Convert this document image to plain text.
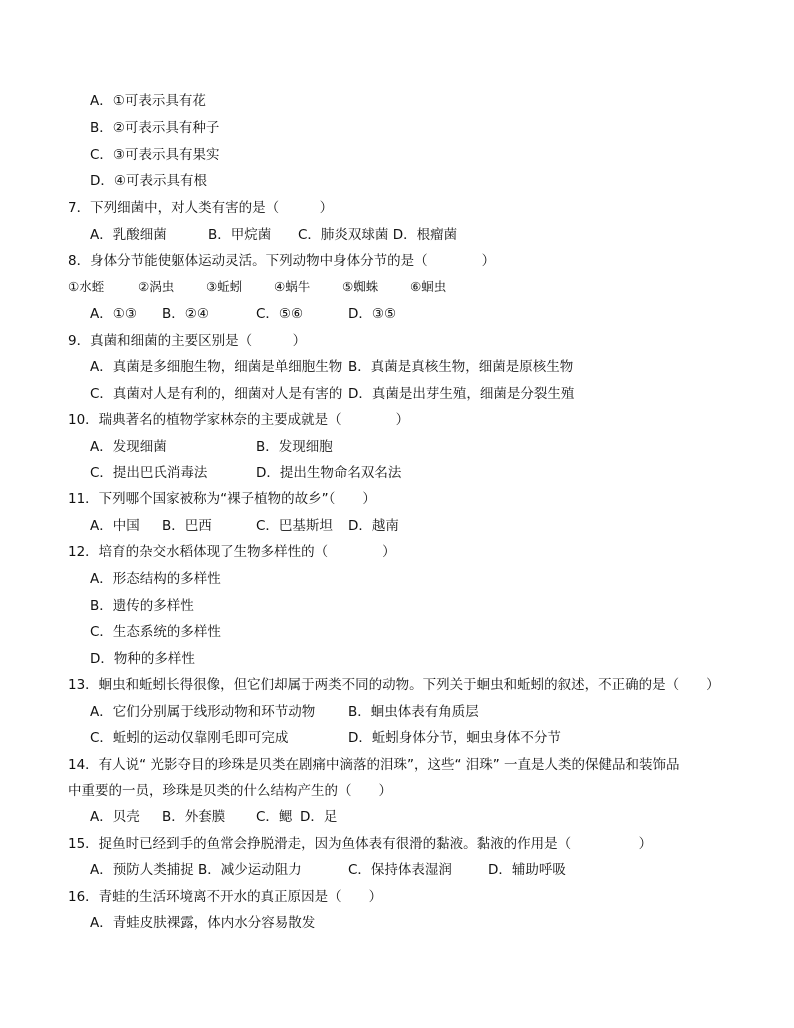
A．①可表示具有花
B．②可表示具有种子
C．③可表示具有果实
D．④可表示具有根
7．下列细菌中，对人类有害的是（　　　）
A．乳酸细菌	B．甲烷菌 C．肺炎双球菌 D．根瘤菌
8．身体分节能使躯体运动灵活。下列动物中身体分节的是（　　　　）
①水蛭	②涡虫	③蚯蚓	④蜗牛	⑤蜘蛛	⑥蛔虫
A．①③ B．②④	C．⑤⑥	D．③⑤
9．真菌和细菌的主要区别是（　　　）
A．真菌是多细胞生物，细菌是单细胞生物 B．真菌是真核生物，细菌是原核生物
C．真菌对人是有利的，细菌对人是有害的 D．真菌是出芽生殖，细菌是分裂生殖
10．瑞典著名的植物学家林奈的主要成就是（　　　　）
A．发现细菌	B．发现细胞
C．提出巴氏消毒法	D．提出生物命名双名法
11．下列哪个国家被称为“裸子植物的故乡”（　　）
A．中国 B．巴西	C．巴基斯坦 D．越南
12．培育的杂交水稻体现了生物多样性的（　　　　）
A．形态结构的多样性
B．遗传的多样性
C．生态系统的多样性
D．物种的多样性
13．蛔虫和蚯蚓长得很像，但它们却属于两类不同的动物。下列关于蛔虫和蚯蚓的叙述，不正确的是（　　）
A．它们分别属于线形动物和环节动物 B．蛔虫体表有角质层
C．蚯蚓的运动仅靠刚毛即可完成	D．蚯蚓身体分节，蛔虫身体不分节
14．有人说“ 光影夺目的珍珠是贝类在剧痛中滴落的泪珠”，这些“ 泪珠” 一直是人类的保健品和装饰品
中重要的一员，珍珠是贝类的什么结构产生的（　　）
A．贝壳 B．外套膜 C．鳃 D．足
15．捉鱼时已经到手的鱼常会挣脱滑走，因为鱼体表有很滑的黏液。黏液的作用是（　　　　　）
A．预防人类捕捉 B．减少运动阻力	C．保持体表湿润	D．辅助呼吸
16．青蛙的生活环境离不开水的真正原因是（　　）
A．青蛙皮肤裸露，体内水分容易散发
